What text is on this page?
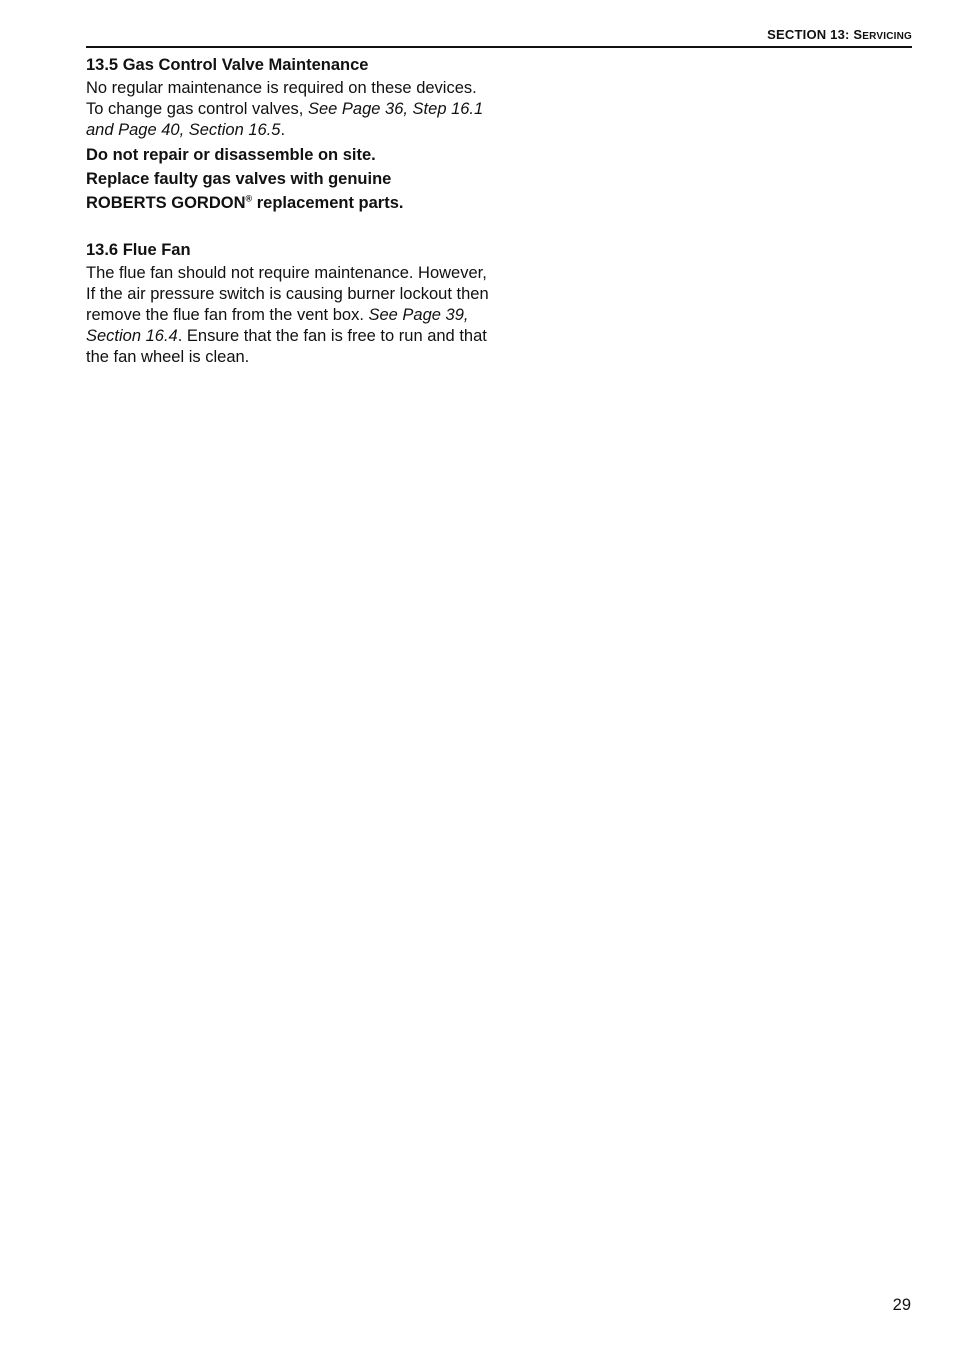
SECTION 13: SERVICING
13.5 Gas Control Valve Maintenance
No regular maintenance is required on these devices. To change gas control valves, See Page 36, Step 16.1 and Page 40, Section 16.5.
Do not repair or disassemble on site.
Replace faulty gas valves with genuine
ROBERTS GORDON® replacement parts.
13.6 Flue Fan
The flue fan should not require maintenance. However, If the air pressure switch is causing burner lockout then remove the flue fan from the vent box. See Page 39, Section 16.4. Ensure that the fan is free to run and that the fan wheel is clean.
29
